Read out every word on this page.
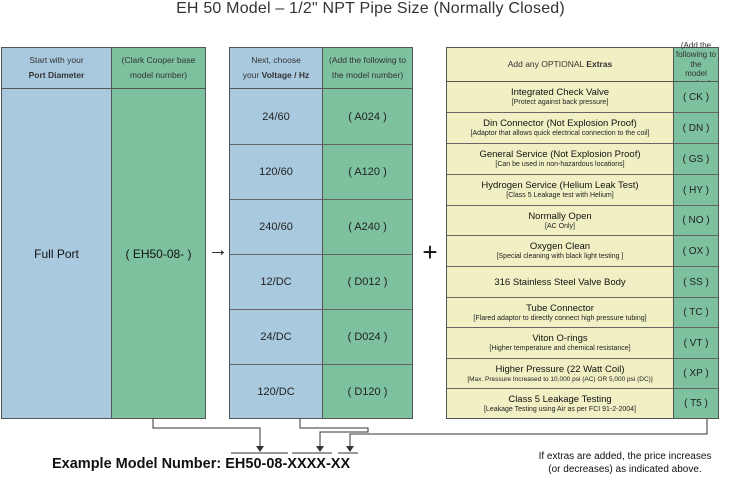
EH 50 Model – 1/2" NPT Pipe Size (Normally Closed)
Start with your
Port Diameter
(Clark Cooper base
model number)
Full Port	( EH50-08- ) →
Next, choose
your Voltage / Hz
(Add the following to
the model number)
24/60	( A024 )
120/60	( A120 )
240/60	( A240 )
12/DC	( D012 )
24/DC	( D024 )
120/DC	( D120 )
+
Add any OPTIONAL Extras
(Add the
following to the
model
Integrated Check Valve
[Protect against back pressure]	( CK )
Din Connector (Not Explosion Proof)
[Adaptor that allows quick electrical connection to the coil]	( DN )
General Service (Not Explosion Proof)
[Can be used in non-hazardous locations]	( GS )
Hydrogen Service (Helium Leak Test)
[Class 5 Leakage test with Helium]	( HY )
Normally Open
[AC Only]	( NO )
Oxygen Clean
[Special cleaning with black light testing ]	( OX )
316 Stainless Steel Valve Body	( SS )
Tube Connector
[Flared adaptor to directly connect high pressure tubing]	( TC )
Viton O-rings
[Higher temperature and chemical resistance]	( VT )
Higher Pressure (22 Watt Coil)
[Max. Pressure Increased to 10,000 psi (AC) OR 5,000 psi (DC)]	( XP )
Class 5 Leakage Testing
[Leakage Testing using Air as per FCI 91-2-2004]	( T5 )
Example Model Number: EH50-08-XXXX-XX	If extras are added, the price increases
(or decreases) as indicated above.
